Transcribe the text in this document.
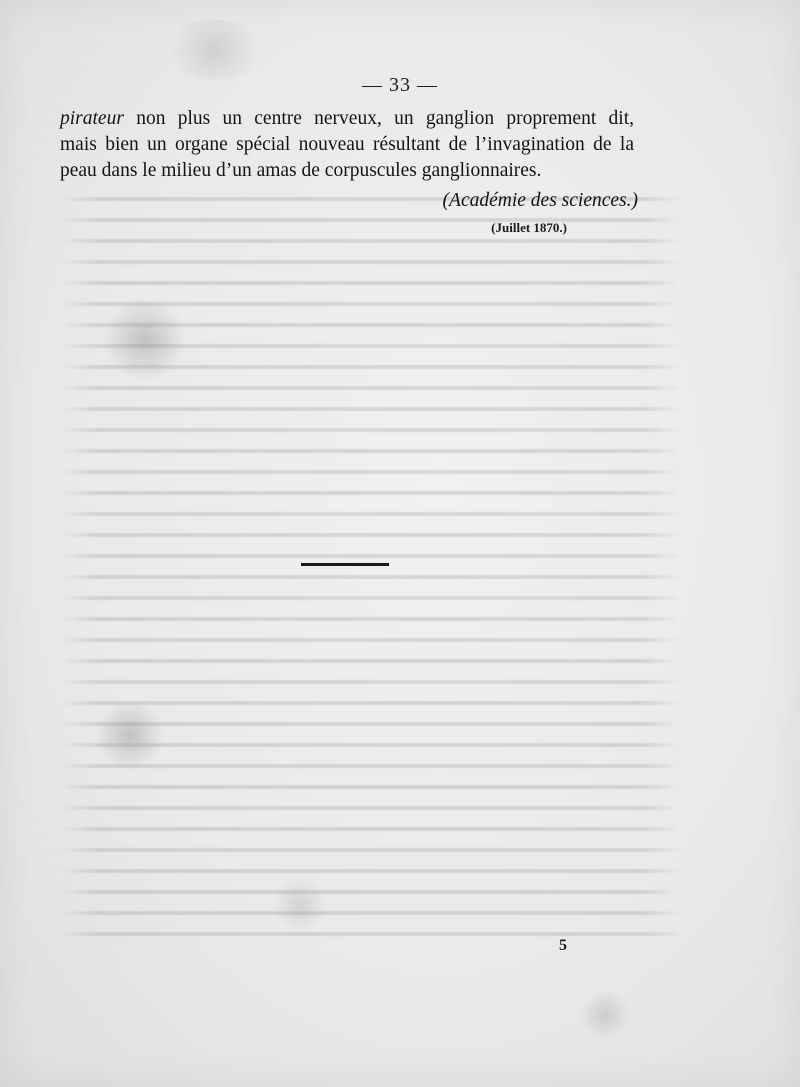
— 33 —
pirateur non plus un centre nerveux, un ganglion proprement dit,
mais bien un organe spécial nouveau résultant de l’invagination de la
peau dans le milieu d’un amas de corpuscules ganglionnaires.
(Académie des sciences.)
(Juillet 1870.)
5
